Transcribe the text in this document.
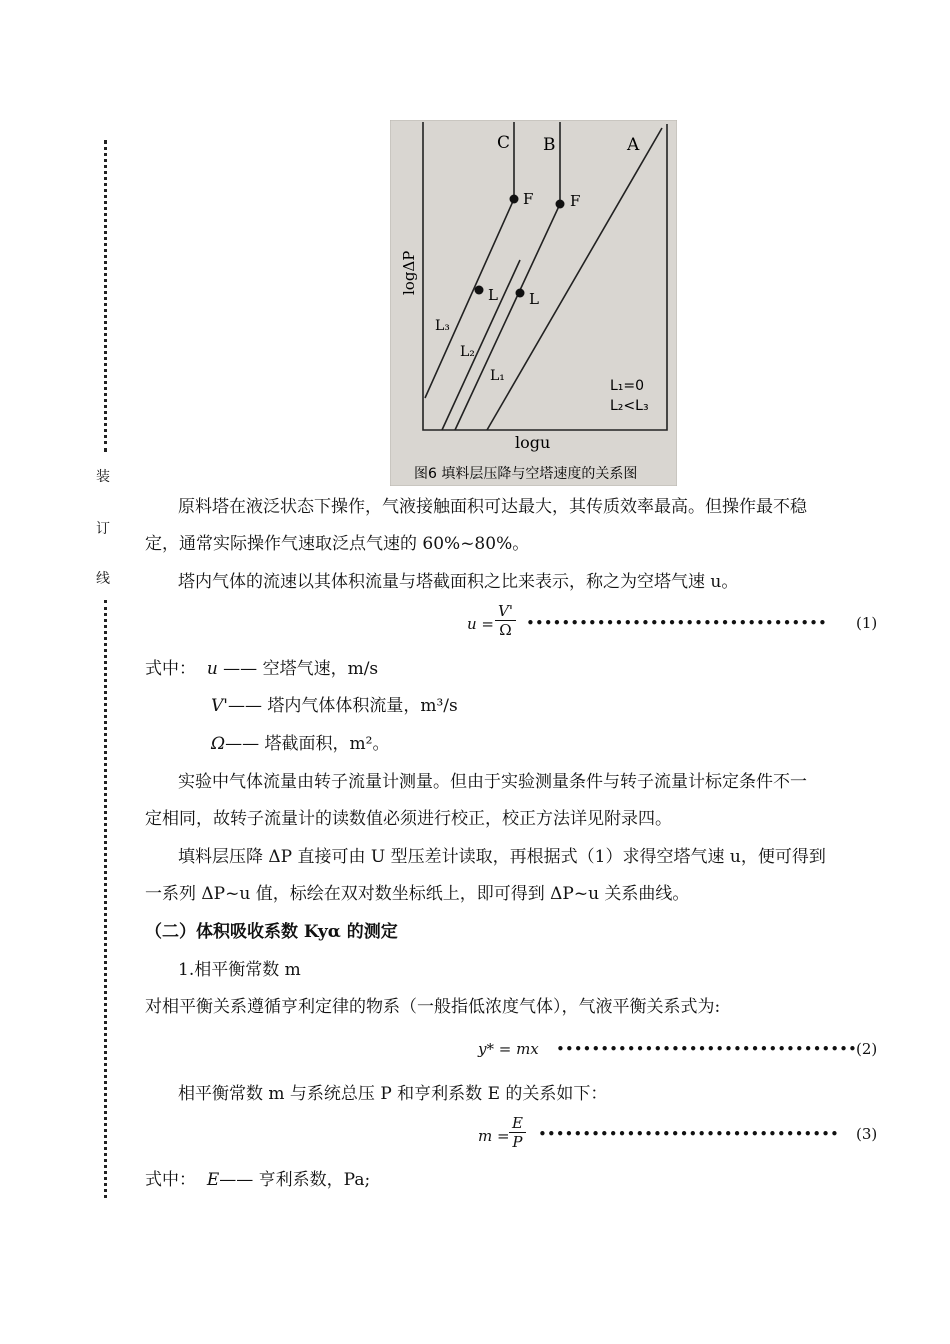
装
订
线
C B	A
F F
L L
L₃
L₂
L₁
L₁=0
L₂<L₃
logΔP
logu
图6 填料层压降与空塔速度的关系图
原料塔在液泛状态下操作，气液接触面积可达最大，其传质效率最高。但操作最不稳
定，通常实际操作气速取泛点气速的 60%~80%。
塔内气体的流速以其体积流量与塔截面积之比来表示，称之为空塔气速 u。
$u = \frac{V'}{\Omega}$ •••••••••••••••••••••••••••••••••• (1)
式中： u —— 空塔气速，m/s
V'—— 塔内气体体积流量，m³/s
Ω—— 塔截面积，m²。
实验中气体流量由转子流量计测量。但由于实验测量条件与转子流量计标定条件不一
定相同，故转子流量计的读数值必须进行校正，校正方法详见附录四。
填料层压降 ΔP 直接可由 U 型压差计读取，再根据式（1）求得空塔气速 u，便可得到
一系列 ΔP~u 值，标绘在双对数坐标纸上，即可得到 ΔP~u 关系曲线。
（二）体积吸收系数 Kyα 的测定
1.相平衡常数 m
对相平衡关系遵循亨利定律的物系（一般指低浓度气体），气液平衡关系式为:
y* = mx •••••••••••••••••••••••••••••••••• (2)
相平衡常数 m 与系统总压 P 和亨利系数 E 的关系如下：
$m = \frac{E}{P}$ •••••••••••••••••••••••••••••••••• (3)
式中： E—— 亨利系数，Pa;
